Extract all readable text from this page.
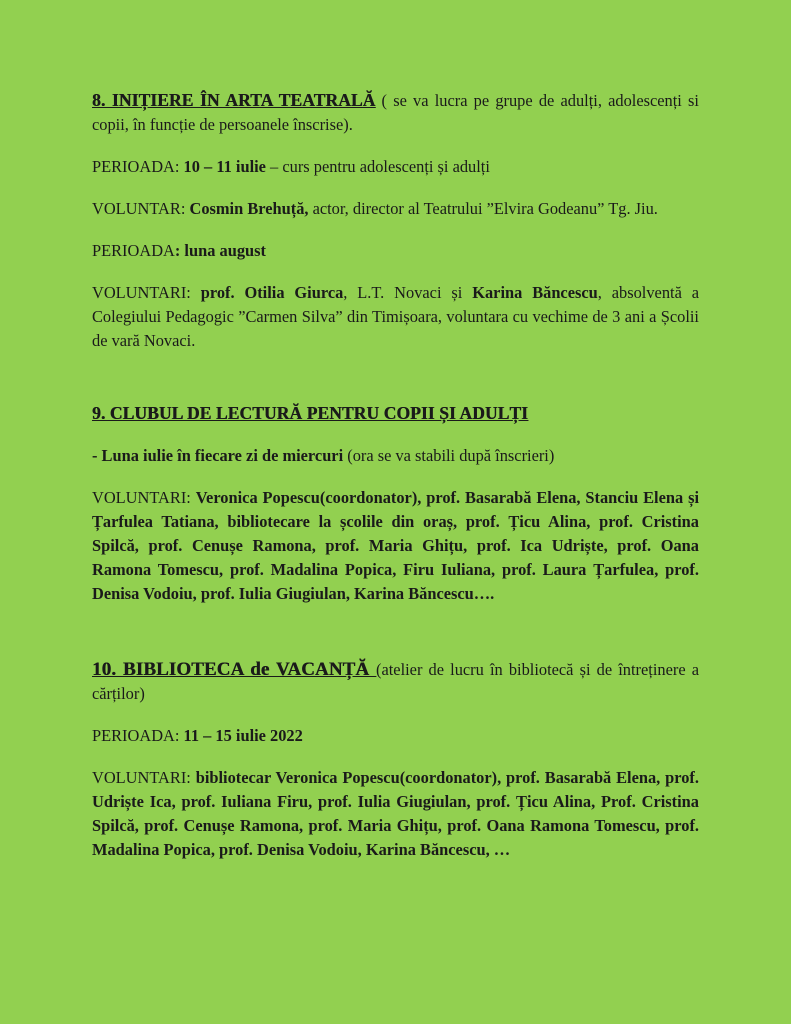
8. INIȚIERE ÎN ARTA TEATRALĂ ( se va lucra pe grupe de adulți, adolescenți si copii, în funcție de persoanele înscrise).

PERIOADA: 10 – 11 iulie – curs pentru adolescenți și adulți

VOLUNTAR: Cosmin Brehuță, actor, director al Teatrului ”Elvira Godeanu” Tg. Jiu.

PERIOADA: luna august

VOLUNTARI: prof. Otilia Giurca, L.T. Novaci și Karina Băncescu, absolventă a Colegiului Pedagogic ”Carmen Silva” din Timișoara, voluntara cu vechime de 3 ani a Școlii de vară Novaci.

9. CLUBUL DE LECTURĂ PENTRU COPII ȘI ADULȚI

- Luna iulie în fiecare zi de miercuri (ora se va stabili după înscrieri)

VOLUNTARI: Veronica Popescu(coordonator), prof. Basarabă Elena, Stanciu Elena și Țarfulea Tatiana, bibliotecare la școlile din oraș, prof. Țicu Alina, prof. Cristina Spilcă, prof. Cenușe Ramona, prof. Maria Ghițu, prof. Ica Udriște, prof. Oana Ramona Tomescu, prof. Madalina Popica, Firu Iuliana, prof. Laura Țarfulea, prof. Denisa Vodoiu, prof. Iulia Giugiulan, Karina Băncescu….

10. BIBLIOTECA de VACANȚĂ (atelier de lucru în bibliotecă și de întreținere a cărților)

PERIOADA: 11 – 15 iulie 2022

VOLUNTARI: bibliotecar Veronica Popescu(coordonator), prof. Basarabă Elena, prof. Udriște Ica, prof. Iuliana Firu, prof. Iulia Giugiulan, prof. Țicu Alina, Prof. Cristina Spilcă, prof. Cenușe Ramona, prof. Maria Ghițu, prof. Oana Ramona Tomescu, prof. Madalina Popica, prof. Denisa Vodoiu, Karina Băncescu, …
